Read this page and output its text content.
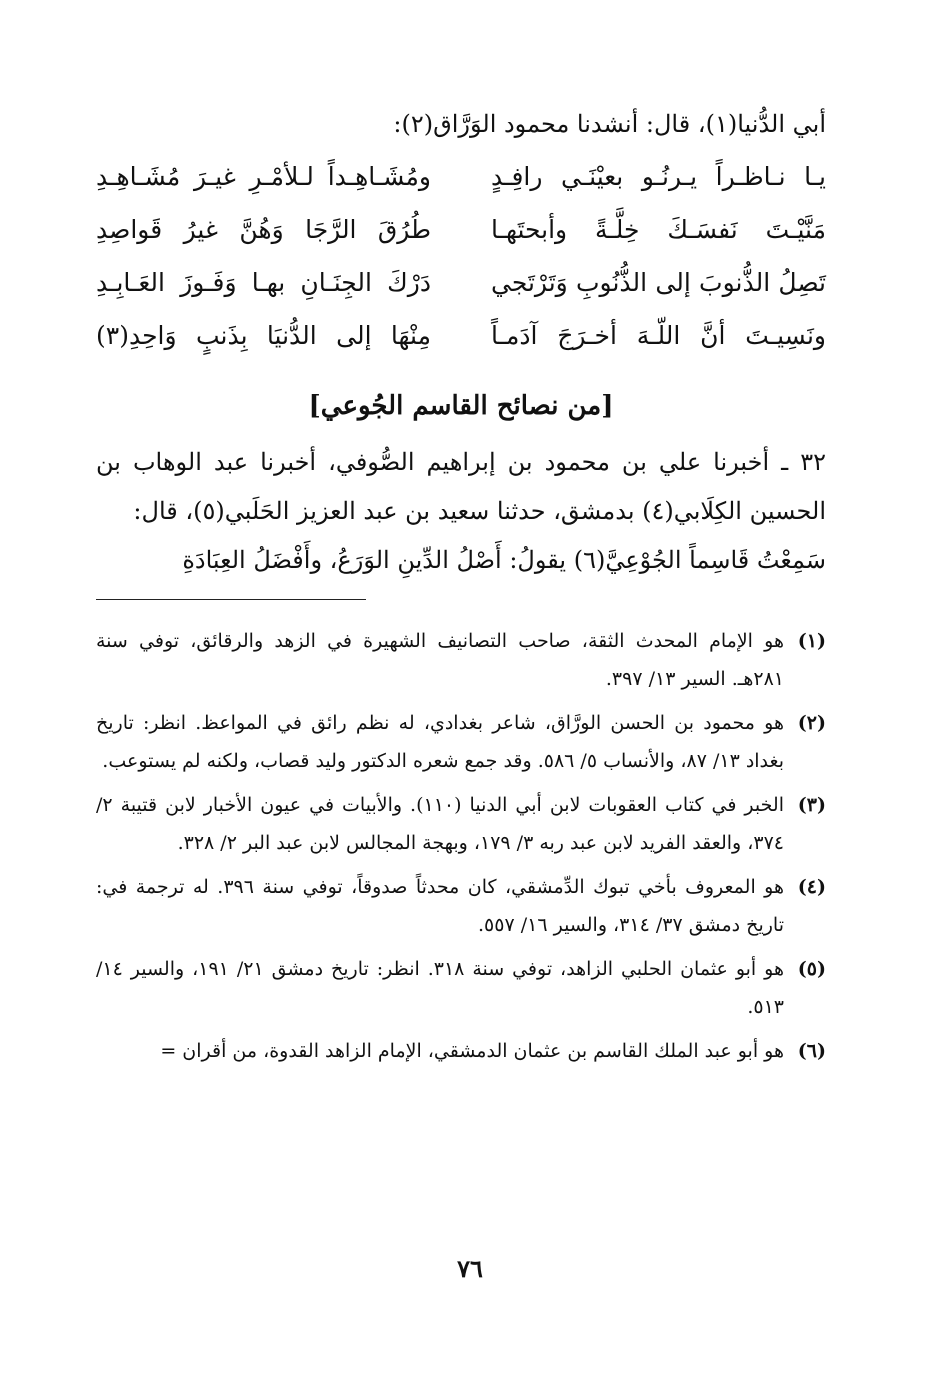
أبي الدُّنيا(١)، قال: أنشدنا محمود الوَرَّاق(٢):

يـا نـاظـراً يـرنُـو بعيْنَـي رافِـدٍ
ومُشَـاهِـداً لـلأمْـرِ غيـرَ مُشَـاهِـدِ
مَنَّيْـتَ نَفسَـكَ خِلَّـةً وأبحتَهـا
طُرُقَ الرَّجَا وَهُنَّ غيرُ قَواصِدِ
تَصِلُ الذُّنوبَ إلى الذُّنُوبِ وَتَرْتَجي
دَرْكَ الجِنَـانِ بهـا وَفَـوزَ العَـابِـدِ
ونَسِيـتَ أنَّ اللّـهَ أخـرَجَ آدَمـاً
مِنْهَا إلى الدُّنيَا بِذَنبٍ وَاحِدِ(٣)
[من نصائح القاسم الجُوعي]

٣٢ ـ أخبرنا علي بن محمود بن إبراهيم الصُّوفي، أخبرنا عبد الوهاب بن الحسين الكِلَابي(٤) بدمشق، حدثنا سعيد بن عبد العزيز الحَلَبي(٥)، قال:

سَمِعْتُ قَاسِماً الجُوْعِيَّ(٦) يقولُ: أَصْلُ الدِّينِ الوَرَعُ، وأَفْضَلُ العِبَادَةِ

(١)
هو الإمام المحدث الثقة، صاحب التصانيف الشهيرة في الزهد والرقائق، توفي سنة ٢٨١هـ. السير ١٣/ ٣٩٧.
(٢)
هو محمود بن الحسن الورَّاق، شاعر بغدادي، له نظم رائق في المواعظ. انظر: تاريخ بغداد ١٣/ ٨٧، والأنساب ٥/ ٥٨٦. وقد جمع شعره الدكتور وليد قصاب، ولكنه لم يستوعب.
(٣)
الخبر في كتاب العقوبات لابن أبي الدنيا (١١٠). والأبيات في عيون الأخبار لابن قتيبة ٢/ ٣٧٤، والعقد الفريد لابن عبد ربه ٣/ ١٧٩، وبهجة المجالس لابن عبد البر ٢/ ٣٢٨.
(٤)
هو المعروف بأخي تبوك الدِّمشقي، كان محدثاً صدوقاً، توفي سنة ٣٩٦. له ترجمة في: تاريخ دمشق ٣٧/ ٣١٤، والسير ١٦/ ٥٥٧.
(٥)
هو أبو عثمان الحلبي الزاهد، توفي سنة ٣١٨. انظر: تاريخ دمشق ٢١/ ١٩١، والسير ١٤/ ٥١٣.
(٦)
هو أبو عبد الملك القاسم بن عثمان الدمشقي، الإمام الزاهد القدوة، من أقران =
٧٦
